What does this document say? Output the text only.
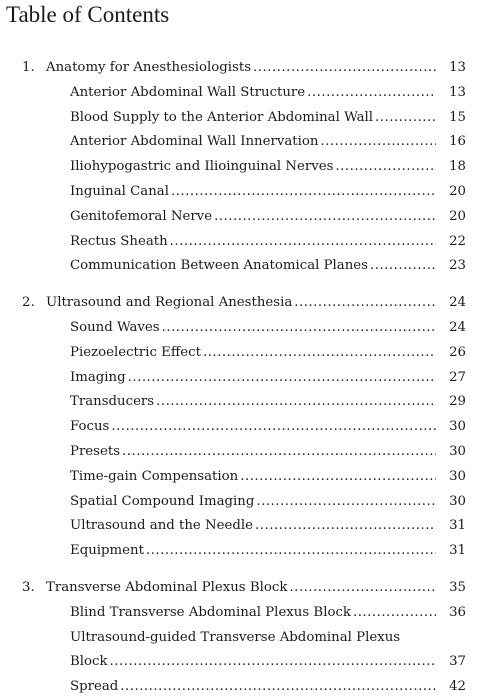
Table of Contents
1. Anatomy for Anesthesiologists .....	13
Anterior Abdominal Wall Structure .....	13
Blood Supply to the Anterior Abdominal Wall .....	15
Anterior Abdominal Wall Innervation .....	16
Iliohypogastric and Ilioinguinal Nerves .....	18
Inguinal Canal .....	20
Genitofemoral Nerve .....	20
Rectus Sheath .....	22
Communication Between Anatomical Planes .....	23
2. Ultrasound and Regional Anesthesia .....	24
Sound Waves .....	24
Piezoelectric Effect .....	26
Imaging .....	27
Transducers .....	29
Focus .....	30
Presets .....	30
Time-gain Compensation .....	30
Spatial Compound Imaging .....	30
Ultrasound and the Needle .....	31
Equipment .....	31
3. Transverse Abdominal Plexus Block .....	35
Blind Transverse Abdominal Plexus Block .....	36
Ultrasound-guided Transverse Abdominal Plexus
Block .....	37
Spread .....	42
